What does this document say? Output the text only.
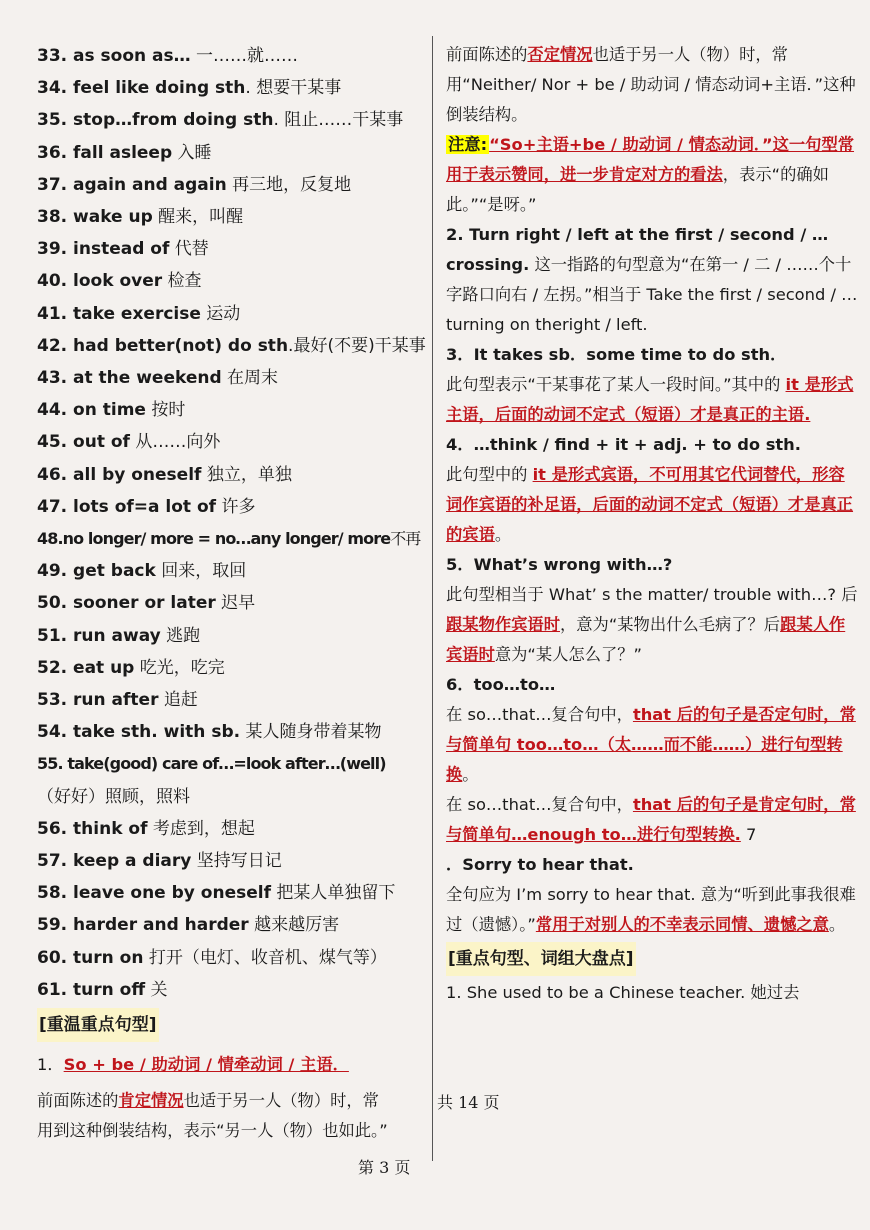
33. as soon as… 一……就……
34. feel like doing sth. 想要干某事
35. stop…from doing sth. 阻止……干某事
36. fall asleep 入睡
37. again and again 再三地，反复地
38. wake up 醒来，叫醒
39. instead of 代替
40. look over 检查
41. take exercise 运动
42. had better(not) do sth.最好(不要)干某事
43. at the weekend 在周末
44. on time 按时
45. out of 从……向外
46. all by oneself 独立，单独
47. lots of=a lot of 许多
48.no longer/ more = no…any longer/ more不再
49. get back 回来，取回
50. sooner or later 迟早
51. run away 逃跑
52. eat up 吃光，吃完
53. run after 追赶
54. take sth. with sb. 某人随身带着某物
55. take(good) care of…=look after…(well)
（好好）照顾，照料
56. think of 考虑到，想起
57. keep a diary 坚持写日记
58. leave one by oneself 把某人单独留下
59. harder and harder 越来越厉害
60. turn on 打开（电灯、收音机、煤气等）
61. turn off 关
[重温重点句型]
1．So + be / 助动词 / 情牵动词 / 主语．
前面陈述的否定情况也适于另一人（物）时，常用“Neither/ Nor + be / 助动词 / 情态动词+主语．”这种倒装结构。
注意: “So+主语+be / 助动词 / 情态动词．”这一句型常用于表示赞同，进一步肯定对方的看法，表示“的确如此。”“是呀。”
2. Turn right / left at the first / second / …crossing. 这一指路的句型意为“在第一 / 二 / ……个十字路口向右 / 左拐。”相当于 Take the first / second / …turning on theright / left.
3．It takes sb．some time to do sth．
此句型表示“干某事花了某人一段时间。”其中的 it 是形式主语，后面的动词不定式（短语）才是真正的主语.
4．…think / find + it + adj. + to do sth.
此句型中的 it 是形式宾语，不可用其它代词替代，形容词作宾语的补足语，后面的动词不定式（短语）才是真正的宾语。
5．What’s wrong with…?
此句型相当于 What’ s the matter/ trouble with…? 后跟某物作宾语时，意为“某物出什么毛病了？后跟某人作宾语时意为“某人怎么了？”
6．too…to…
在 so…that…复合句中，that 后的句子是否定句时，常与简单句 too…to…（太……而不能……）进行句型转换。
在 so…that…复合句中，that 后的句子是肯定句时，常与简单句…enough to…进行句型转换. 7
．Sorry to hear that.
全句应为 I’m sorry to hear that. 意为“听到此事我很难过（遗憾）。”常用于对别人的不幸表示同情、遗憾之意。
[重点句型、词组大盘点]
1. She used to be a Chinese teacher. 她过去
前面陈述的肯定情况也适于另一人（物）时，常
用到这种倒装结构，表示“另一人（物）也如此。”
共 14 页
第 3 页
